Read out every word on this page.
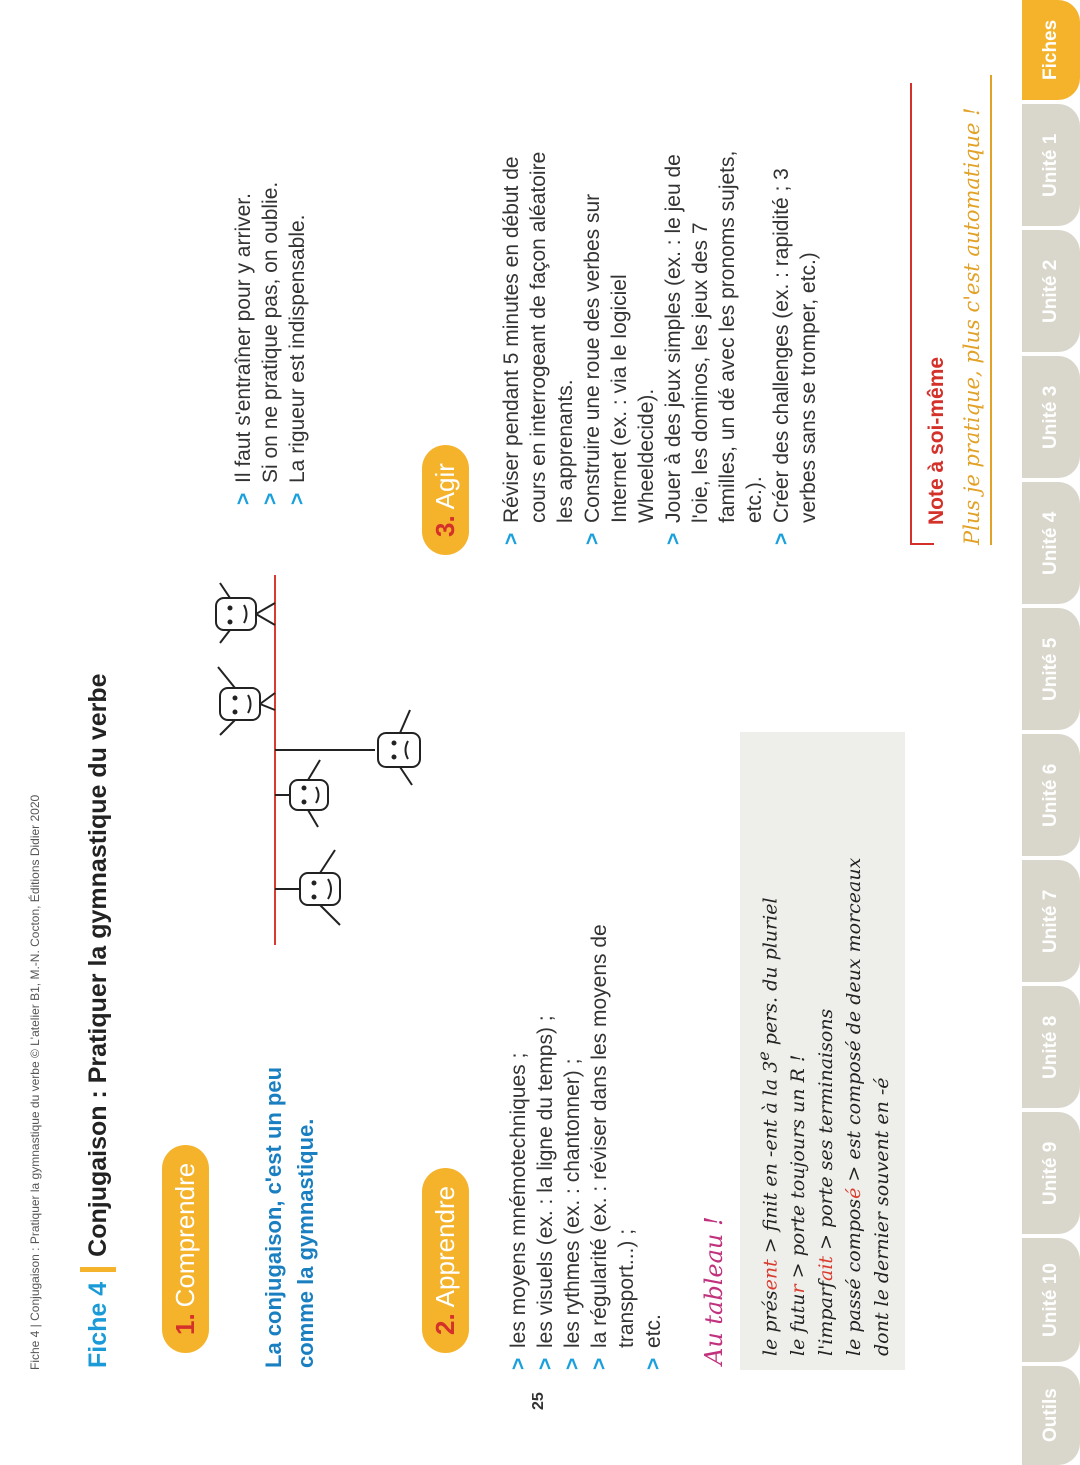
Fiches
Unité 1
Unité 2
Unité 3
Unité 4
Unité 5
Unité 6
Unité 7
Unité 8
Unité 9
Unité 10
Outils
Fiche 4 | Conjugaison : Pratiquer la gymnastique du verbe © L'atelier B1, M.-N. Cocton, Éditions Didier 2020
25
Fiche 4
Conjugaison : Pratiquer la gymnastique du verbe
1.
Comprendre	La conjugaison, c'est un peu comme la gymnastique.
>
Il faut s'entraîner pour y arriver.
>
Si on ne pratique pas, on oublie.
>
La rigueur est indispensable.
2.
Apprendre
>
les moyens mnémotechniques ;
>
les visuels (ex. : la ligne du temps) ;
>
les rythmes (ex. : chantonner) ;
>
la régularité (ex. : réviser dans les moyens de transport...) ;
>
etc. Au tableau !	le présent > finit en -ent à la 3e pers. du pluriel
le futur > porte toujours un R !
l'imparfait > porte ses terminaisons
le passé composé > est composé de deux morceaux
dont le dernier souvent en -é
3.
Agir
>
Réviser pendant 5 minutes en début de cours en interrogeant de façon aléatoire les apprenants.
>
Construire une roue des verbes sur Internet (ex. : via le logiciel Wheeldecide).
>
Jouer à des jeux simples (ex. : le jeu de l'oie, les dominos, les jeux des 7 familles, un dé avec les pronoms sujets, etc.).
>
Créer des challenges (ex. : rapidité ; 3 verbes sans se tromper, etc.)	Note à soi-même Plus je pratique, plus c'est automatique !
